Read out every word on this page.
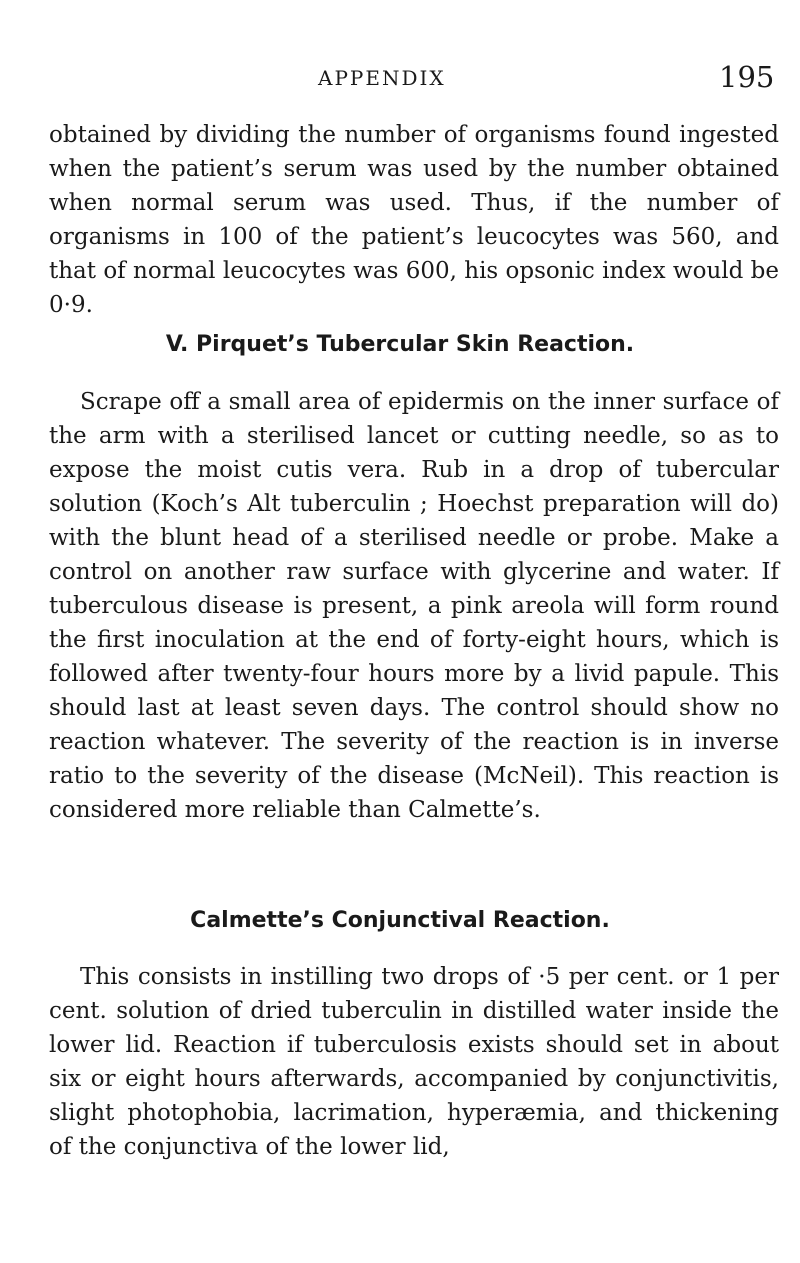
APPENDIX	195

obtained by dividing the number of organisms found ingested when the patient’s serum was used by the number obtained when normal serum was used. Thus, if the number of organisms in 100 of the patient’s leucocytes was 560, and that of normal leucocytes was 600, his opsonic index would be 0·9.

V. Pirquet’s Tubercular Skin Reaction.

Scrape off a small area of epidermis on the inner surface of the arm with a sterilised lancet or cutting needle, so as to expose the moist cutis vera. Rub in a drop of tubercular solution (Koch’s Alt tuberculin ; Hoechst preparation will do) with the blunt head of a sterilised needle or probe. Make a control on another raw surface with glycerine and water. If tuberculous disease is present, a pink areola will form round the first inoculation at the end of forty-eight hours, which is followed after twenty-four hours more by a livid papule. This should last at least seven days. The control should show no reaction whatever. The severity of the reaction is in inverse ratio to the severity of the disease (McNeil). This reaction is considered more reliable than Calmette’s.

Calmette’s Conjunctival Reaction.

This consists in instilling two drops of ·5 per cent. or 1 per cent. solution of dried tuberculin in distilled water inside the lower lid. Reaction if tuberculosis exists should set in about six or eight hours afterwards, accompanied by conjunctivitis, slight photophobia, lacrimation, hyperæmia, and thickening of the conjunctiva of the lower lid,
